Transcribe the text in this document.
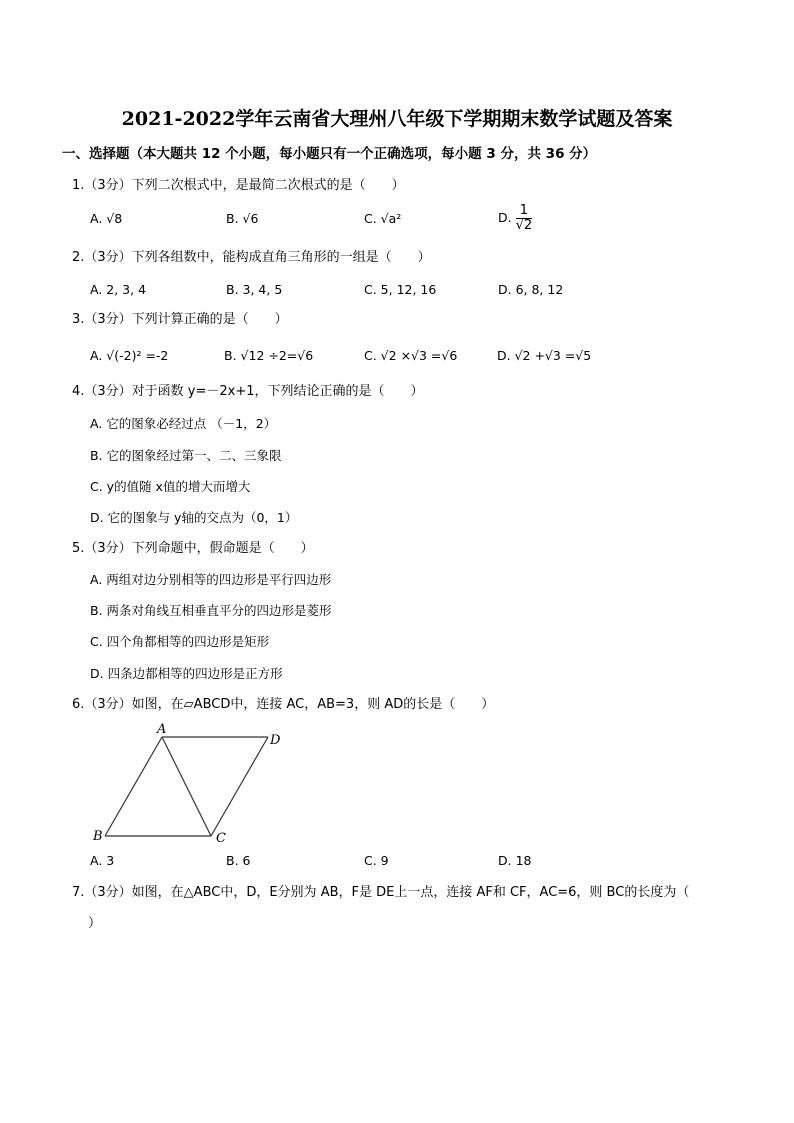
2021-2022学年云南省大理州八年级下学期期末数学试题及答案
一、选择题（本大题共 12 个小题，每小题只有一个正确选项，每小题 3 分，共 36 分）
1.（3分）下列二次根式中，是最简二次根式的是（　　）
A. √8	B. √6	C. √a²	D. $\frac{1}{√2}$
2.（3分）下列各组数中，能构成直角三角形的一组是（　　）
A. 2, 3, 4	B. 3, 4, 5	C. 5, 12, 16	D. 6, 8, 12
3.（3分）下列计算正确的是（　　）
A. √(-2)² =-2	B. √12 ÷2=√6	C. √2 ×√3 =√6	D. √2 +√3 =√5
4.（3分）对于函数 y=－2x+1，下列结论正确的是（　　）
A. 它的图象必经过点 （－1，2）
B. 它的图象经过第一、二、三象限
C. y的值随 x值的增大而增大
D. 它的图象与 y轴的交点为（0，1）
5.（3分）下列命题中，假命题是（　　）
A. 两组对边分别相等的四边形是平行四边形
B. 两条对角线互相垂直平分的四边形是菱形
C. 四个角都相等的四边形是矩形
D. 四条边都相等的四边形是正方形
6.（3分）如图，在▱ABCD中，连接 AC，AB=3，则 AD的长是（　　）
A
D
B	C
A. 3	B. 6	C. 9	D. 18
7.（3分）如图，在△ABC中，D，E分别为 AB，F是 DE上一点，连接 AF和 CF，AC=6，则 BC的长度为（
）
